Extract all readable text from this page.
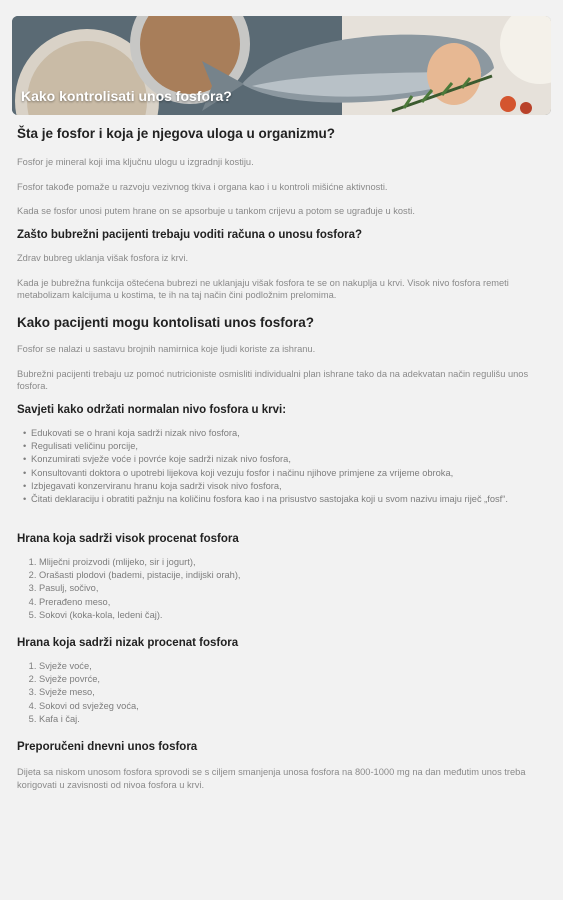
Kako kontrolisati unos fosfora?
Šta je fosfor i koja je njegova uloga u organizmu?

Fosfor je mineral koji ima ključnu ulogu u izgradnji kostiju.

Fosfor takođe pomaže u razvoju vezivnog tkiva i organa kao i u kontroli mišićne aktivnosti.

Kada se fosfor unosi putem hrane on se apsorbuje u tankom crijevu a potom se ugrađuje u kosti.

Zašto bubrežni pacijenti trebaju voditi računa o unosu fosfora?

Zdrav bubreg uklanja višak fosfora iz krvi.

Kada je bubrežna funkcija oštećena bubrezi ne uklanjaju višak fosfora te se on nakuplja u krvi. Visok nivo fosfora remeti metabolizam kalcijuma u kostima, te ih na taj način čini podložnim prelomima.

Kako pacijenti mogu kontolisati unos fosfora?

Fosfor se nalazi u sastavu brojnih namirnica koje ljudi koriste za ishranu.

Bubrežni pacijenti trebaju uz pomoć nutricioniste osmisliti individualni plan ishrane tako da na adekvatan način regulišu unos fosfora.

Savjeti kako održati normalan nivo fosfora u krvi:
• Edukovati se o hrani koja sadrži nizak nivo fosfora,
• Regulisati veličinu porcije,
• Konzumirati svježe voće i povrće koje sadrži nizak nivo fosfora,
• Konsultovanti doktora o upotrebi lijekova koji vezuju fosfor i načinu njihove primjene za vrijeme obroka,
• Izbjegavati konzerviranu hranu koja sadrži visok nivo fosfora,
• Čitati deklaraciju i obratiti pažnju na količinu fosfora kao i na prisustvo sastojaka koji u svom nazivu imaju riječ „fosf“.
Hrana koja sadrži visok procenat fosfora
1. Mliječni proizvodi (mlijeko, sir i jogurt),
2. Orašasti plodovi (bademi, pistacije, indijski orah),
3. Pasulj, sočivo,
4. Prerađeno meso,
5. Sokovi (koka-kola, ledeni čaj).
Hrana koja sadrži nizak procenat fosfora
1. Svježe voće,
2. Svježe povrće,
3. Svježe meso,
4. Sokovi od svježeg voća,
5. Kafa i čaj.
Preporučeni dnevni unos fosfora

Dijeta sa niskom unosom fosfora sprovodi se s ciljem smanjenja unosa fosfora na 800-1000 mg na dan međutim unos treba korigovati u zavisnosti od nivoa fosfora u krvi.
